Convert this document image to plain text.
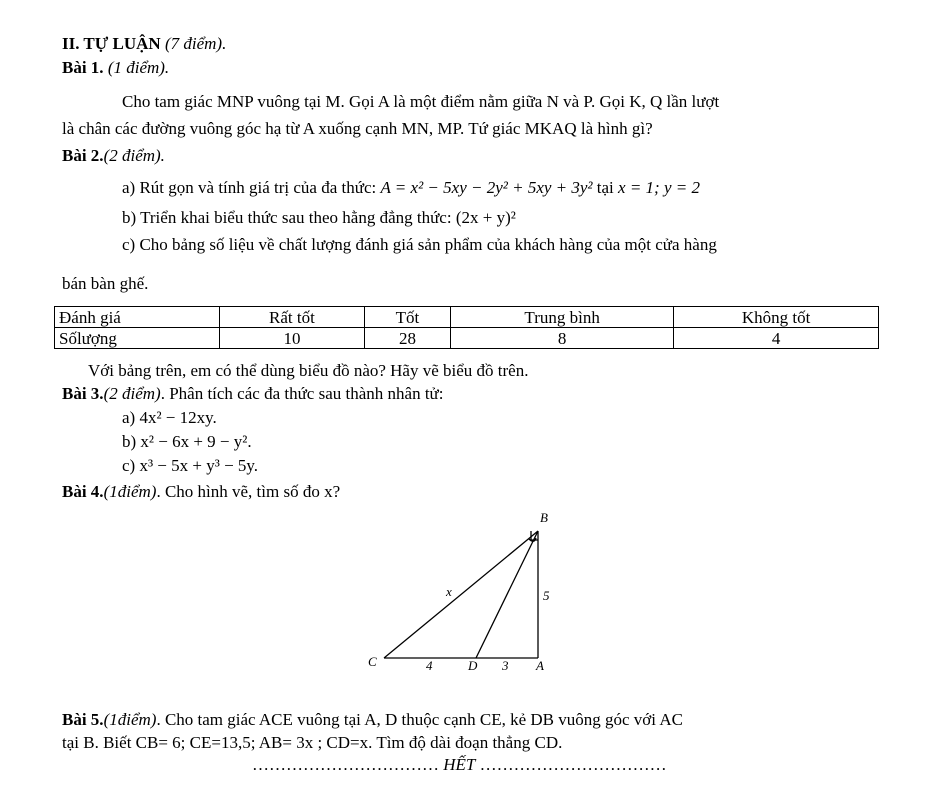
II. TỰ LUẬN (7 điểm).
Bài 1. (1 điểm).
Cho tam giác MNP vuông tại M. Gọi A là một điểm nằm giữa N và P. Gọi K, Q lần lượt
là chân các đường vuông góc hạ từ A xuống cạnh MN, MP. Tứ giác MKAQ là hình gì?
Bài 2.(2 điểm).
a) Rút gọn và tính giá trị của đa thức: A = x² − 5xy − 2y² + 5xy + 3y² tại x = 1; y = 2
b) Triển khai biểu thức sau theo hằng đẳng thức: (2x + y)²
c) Cho bảng số liệu về chất lượng đánh giá sản phẩm của khách hàng của một cửa hàng
bán bàn ghế.
Đánh giá	Rất tốt	Tốt	Trung bình	Không tốt
Sốlượng	10	28	8	4
Với bảng trên, em có thể dùng biểu đồ nào? Hãy vẽ biểu đồ trên.
Bài 3.(2 điểm). Phân tích các đa thức sau thành nhân tử:
a) 4x² − 12xy.
b) x² − 6x + 9 − y².
c) x³ − 5x + y³ − 5y.
Bài 4.(1điểm). Cho hình vẽ, tìm số đo x?
B
C	D	A
x	5
4	3
Bài 5.(1điểm). Cho tam giác ACE vuông tại A, D thuộc cạnh CE, kẻ DB vuông góc với AC
tại B. Biết CB= 6; CE=13,5; AB= 3x ; CD=x. Tìm độ dài đoạn thẳng CD.
…………………………… HẾT ……………………………
